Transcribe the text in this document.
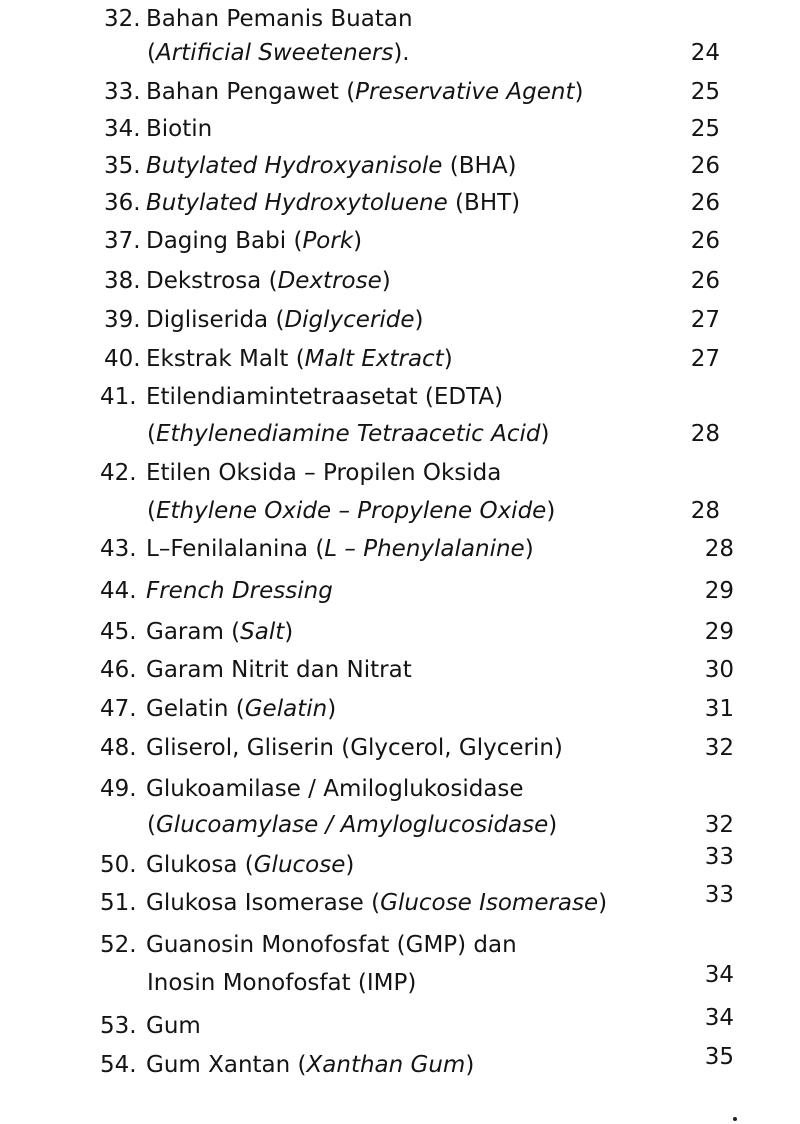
32. Bahan Pemanis Buatan
(Artificial Sweeteners).	24
33. Bahan Pengawet (Preservative Agent)	25
34. Biotin	25
35. Butylated Hydroxyanisole (BHA)	26
36. Butylated Hydroxytoluene (BHT)	26
37. Daging Babi (Pork)	26
38. Dekstrosa (Dextrose)	26
39. Digliserida (Diglyceride)	27
40. Ekstrak Malt (Malt Extract)	27
41. Etilendiamintetraasetat (EDTA)
(Ethylenediamine Tetraacetic Acid)	28
42. Etilen Oksida – Propilen Oksida
(Ethylene Oxide – Propylene Oxide)	28
43. L–Fenilalanina (L – Phenylalanine)	28
44. French Dressing	29
45. Garam (Salt)	29
46. Garam Nitrit dan Nitrat	30
47. Gelatin (Gelatin)	31
48. Gliserol, Gliserin (Glycerol, Glycerin)	32
49. Glukoamilase / Amiloglukosidase
(Glucoamylase / Amyloglucosidase)	32
50. Glukosa (Glucose)	33
51. Glukosa Isomerase (Glucose Isomerase)	33
52. Guanosin Monofosfat (GMP) dan
Inosin Monofosfat (IMP)	34
53. Gum	34
54. Gum Xantan (Xanthan Gum)	35
